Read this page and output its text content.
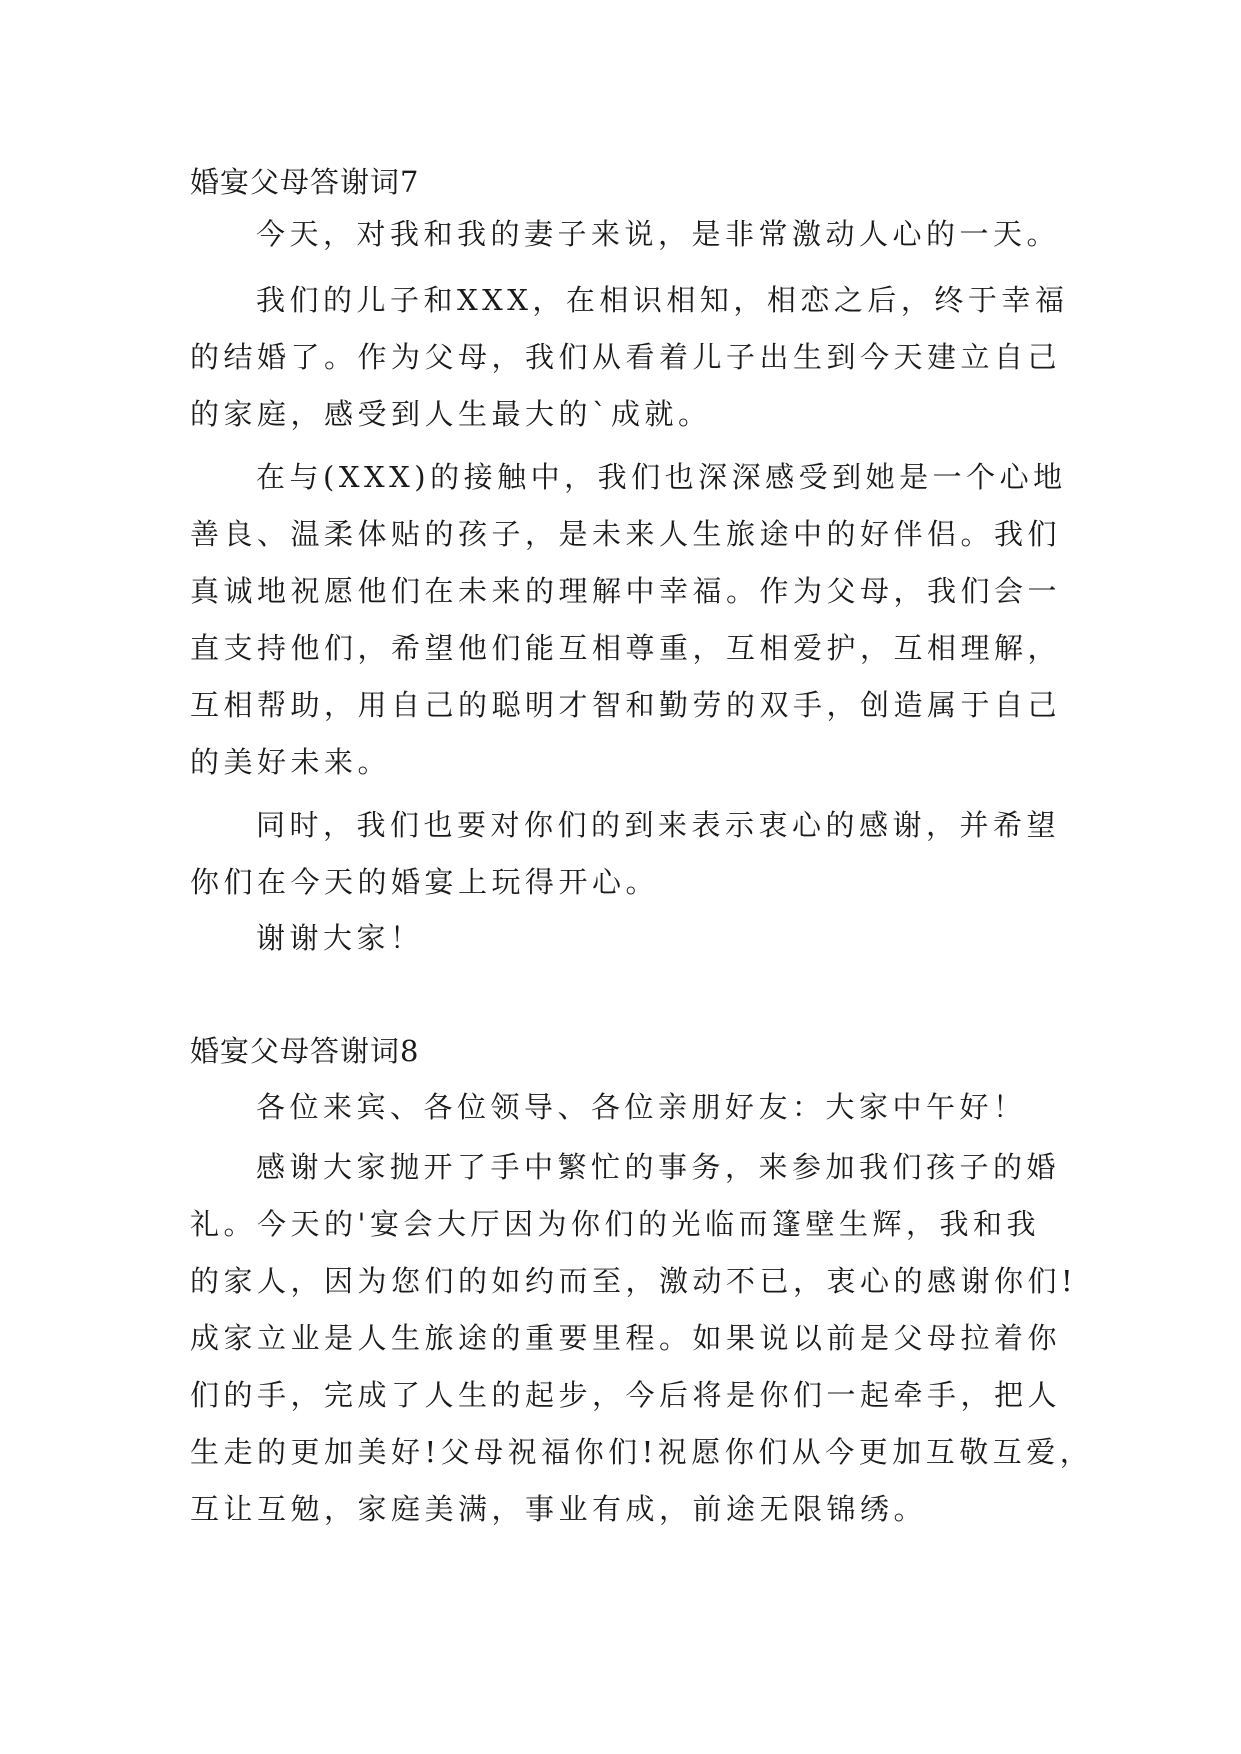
婚宴父母答谢词7
今天，对我和我的妻子来说，是非常激动人心的一天。
我们的儿子和XXX，在相识相知，相恋之后，终于幸福
的结婚了。作为父母，我们从看着儿子出生到今天建立自己
的家庭，感受到人生最大的`成就。
在与(XXX)的接触中，我们也深深感受到她是一个心地
善良、温柔体贴的孩子，是未来人生旅途中的好伴侣。我们
真诚地祝愿他们在未来的理解中幸福。作为父母，我们会一
直支持他们，希望他们能互相尊重，互相爱护，互相理解，
互相帮助，用自己的聪明才智和勤劳的双手，创造属于自己
的美好未来。
同时，我们也要对你们的到来表示衷心的感谢，并希望
你们在今天的婚宴上玩得开心。
谢谢大家！
婚宴父母答谢词8
各位来宾、各位领导、各位亲朋好友：大家中午好！
感谢大家抛开了手中繁忙的事务，来参加我们孩子的婚
礼。今天的'宴会大厅因为你们的光临而篷壁生辉，我和我
的家人，因为您们的如约而至，激动不已，衷心的感谢你们!
成家立业是人生旅途的重要里程。如果说以前是父母拉着你
们的手，完成了人生的起步，今后将是你们一起牵手，把人
生走的更加美好!父母祝福你们!祝愿你们从今更加互敬互爱，
互让互勉，家庭美满，事业有成，前途无限锦绣。
